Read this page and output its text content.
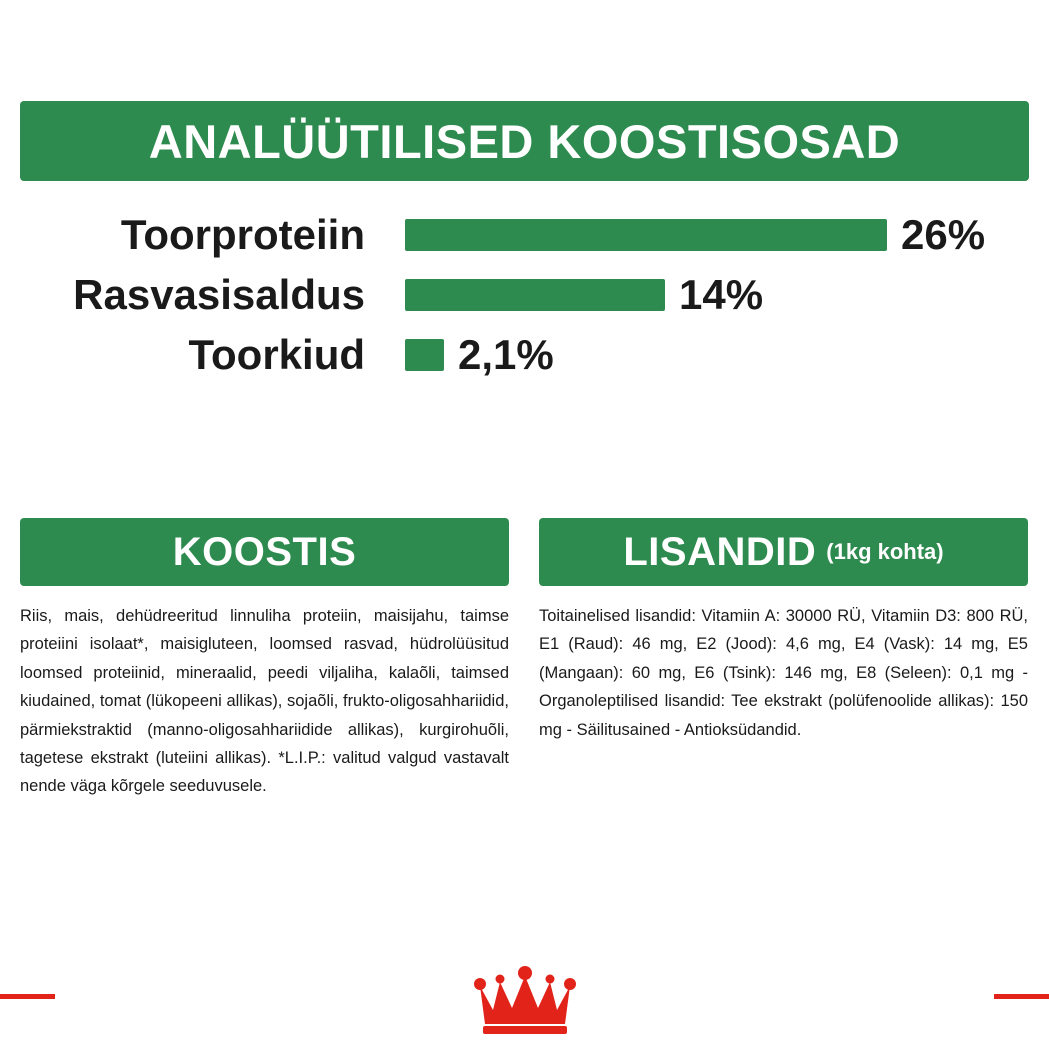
ANALÜÜTILISED KOOSTISOSAD
Toorproteiin	26%
Rasvasisaldus	14%
Toorkiud 2,1%
KOOSTIS
Riis, mais, dehüdreeritud linnuliha proteiin, maisijahu, taimse proteiini isolaat*, maisigluteen, loomsed rasvad, hüdrolüüsitud loomsed proteiinid, mineraalid, peedi viljaliha, kalaõli, taimsed kiudained, tomat (lükopeeni allikas), sojaõli, frukto-oligosahhariidid, pärmiekstraktid (manno-oligosahhariidide allikas), kurgirohuõli, tagetese ekstrakt (luteiini allikas). *L.I.P.: valitud valgud vastavalt nende väga kõrgele seeduvusele.
LISANDID (1kg kohta)
Toitainelised lisandid: Vitamiin A: 30000 RÜ, Vitamiin D3: 800 RÜ, E1 (Raud): 46 mg, E2 (Jood): 4,6 mg, E4 (Vask): 14 mg, E5 (Mangaan): 60 mg, E6 (Tsink): 146 mg, E8 (Seleen): 0,1 mg - Organoleptilised lisandid: Tee ekstrakt (polüfenoolide allikas): 150 mg - Säilitusained - Antioksüdandid.
